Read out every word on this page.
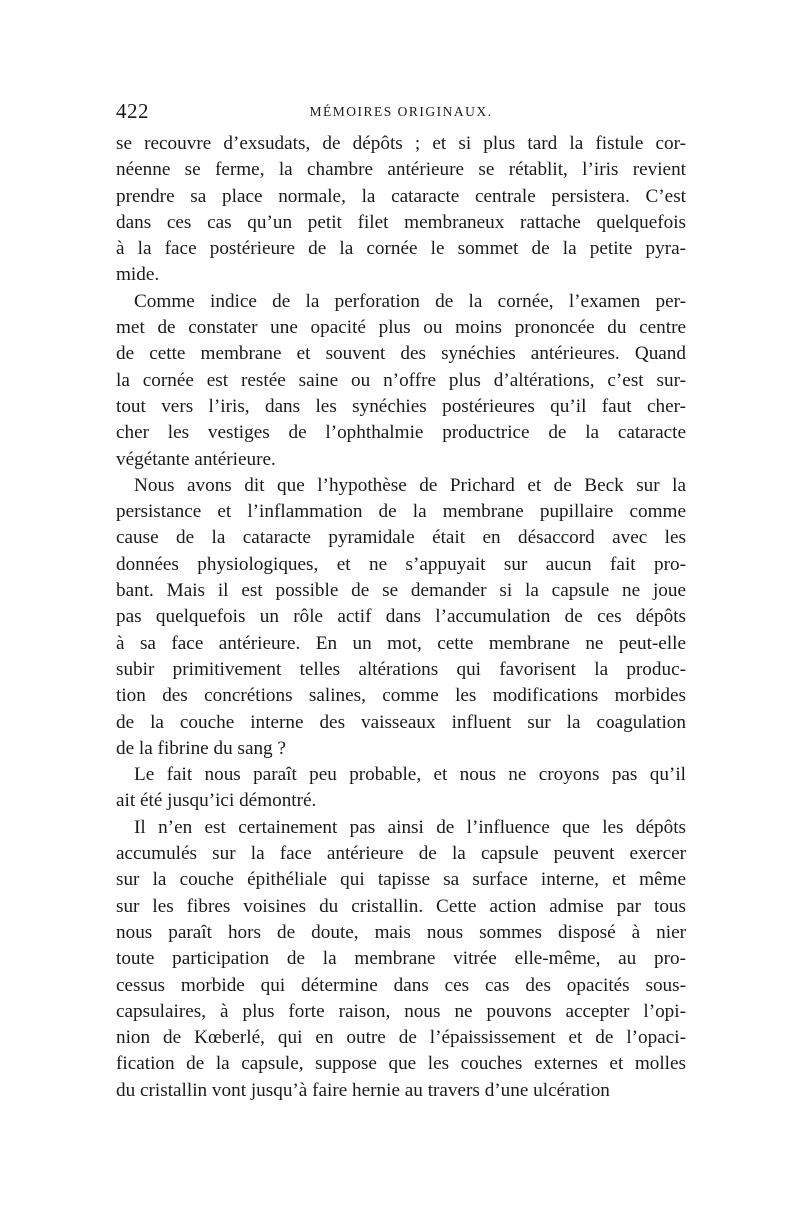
422	MÉMOIRES ORIGINAUX.
se recouvre d’exsudats, de dépôts ; et si plus tard la fistule cor-
néenne se ferme, la chambre antérieure se rétablit, l’iris revient
prendre sa place normale, la cataracte centrale persistera. C’est
dans ces cas qu’un petit filet membraneux rattache quelquefois
à la face postérieure de la cornée le sommet de la petite pyra-
mide.
Comme indice de la perforation de la cornée, l’examen per-
met de constater une opacité plus ou moins prononcée du centre
de cette membrane et souvent des synéchies antérieures. Quand
la cornée est restée saine ou n’offre plus d’altérations, c’est sur-
tout vers l’iris, dans les synéchies postérieures qu’il faut cher-
cher les vestiges de l’ophthalmie productrice de la cataracte
végétante antérieure.
Nous avons dit que l’hypothèse de Prichard et de Beck sur la
persistance et l’inflammation de la membrane pupillaire comme
cause de la cataracte pyramidale était en désaccord avec les
données physiologiques, et ne s’appuyait sur aucun fait pro-
bant. Mais il est possible de se demander si la capsule ne joue
pas quelquefois un rôle actif dans l’accumulation de ces dépôts
à sa face antérieure. En un mot, cette membrane ne peut-elle
subir primitivement telles altérations qui favorisent la produc-
tion des concrétions salines, comme les modifications morbides
de la couche interne des vaisseaux influent sur la coagulation
de la fibrine du sang ?
Le fait nous paraît peu probable, et nous ne croyons pas qu’il
ait été jusqu’ici démontré.
Il n’en est certainement pas ainsi de l’influence que les dépôts
accumulés sur la face antérieure de la capsule peuvent exercer
sur la couche épithéliale qui tapisse sa surface interne, et même
sur les fibres voisines du cristallin. Cette action admise par tous
nous paraît hors de doute, mais nous sommes disposé à nier
toute participation de la membrane vitrée elle-même, au pro-
cessus morbide qui détermine dans ces cas des opacités sous-
capsulaires, à plus forte raison, nous ne pouvons accepter l’opi-
nion de Kœberlé, qui en outre de l’épaississement et de l’opaci-
fication de la capsule, suppose que les couches externes et molles
du cristallin vont jusqu’à faire hernie au travers d’une ulcération
